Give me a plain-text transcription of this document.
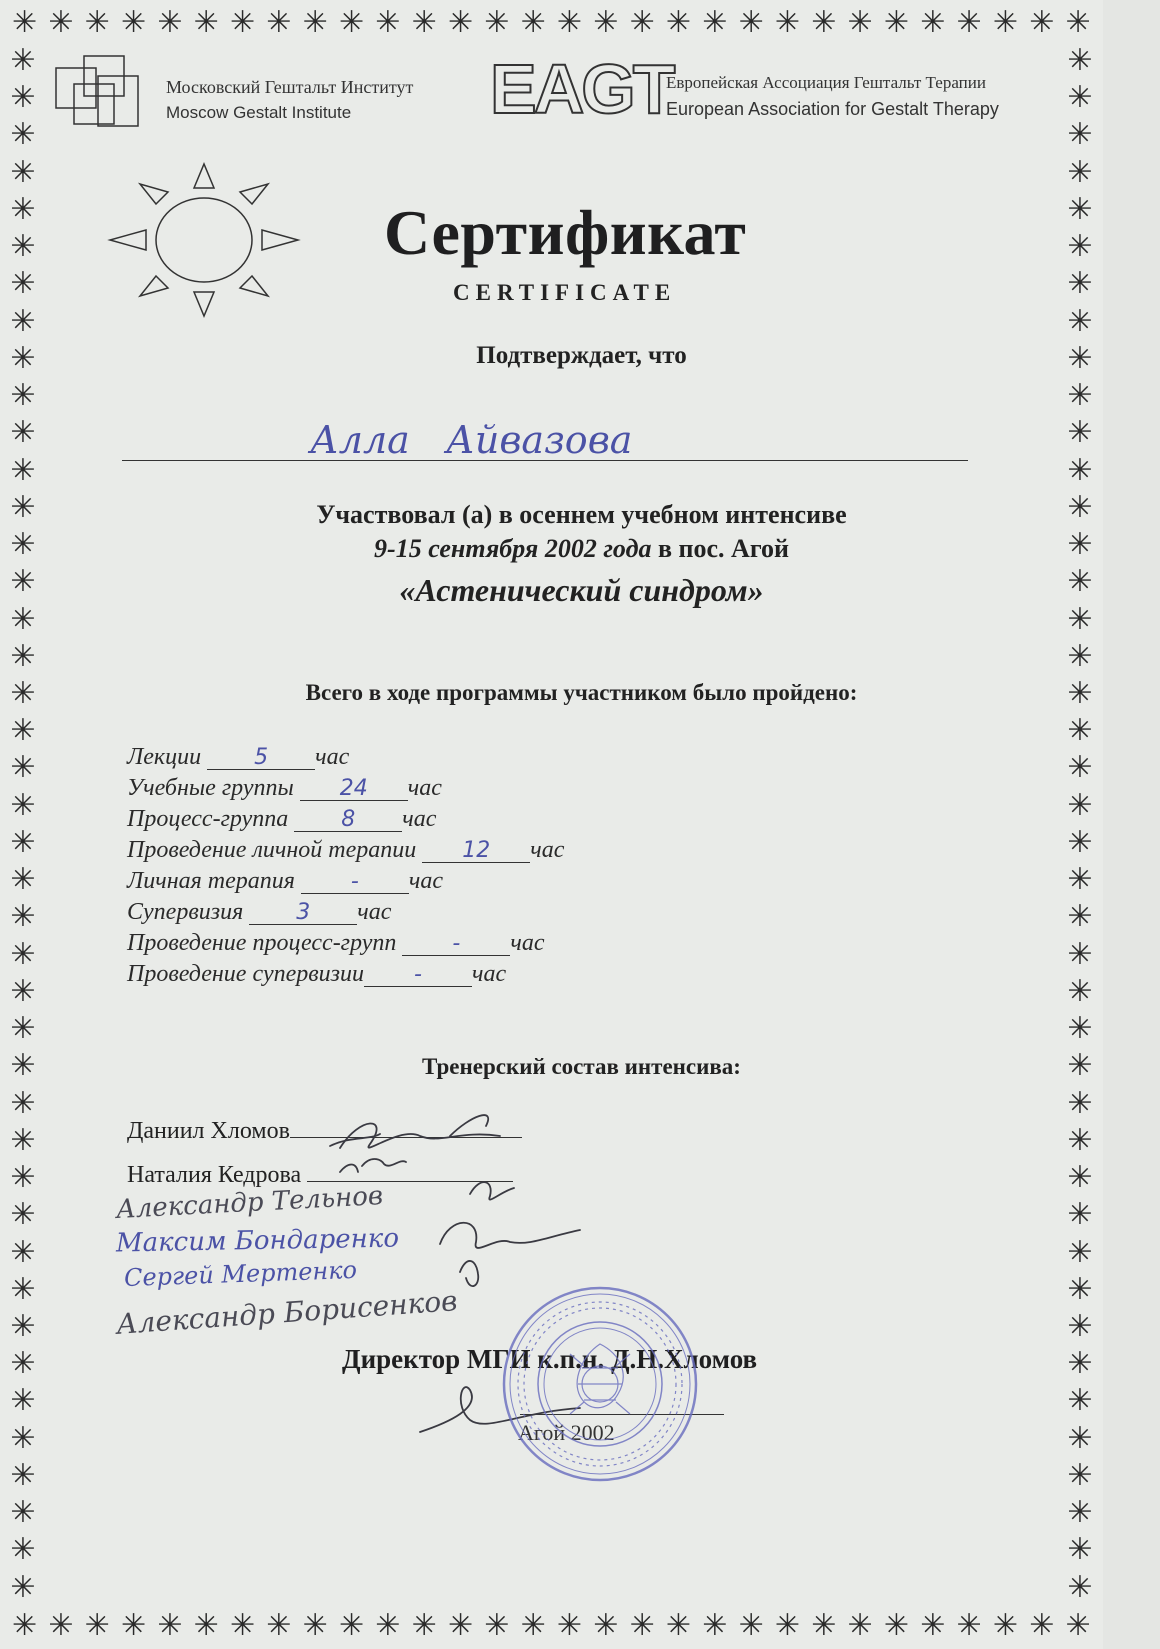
✳ ✳ ✳ ✳ ✳ ✳ ✳ ✳ ✳ ✳ ✳ ✳ ✳ ✳ ✳ ✳ ✳ ✳ ✳ ✳ ✳ ✳ ✳ ✳ ✳ ✳ ✳ ✳ ✳ ✳
✳ ✳ ✳ ✳ ✳ ✳ ✳ ✳ ✳ ✳ ✳ ✳ ✳ ✳ ✳ ✳ ✳ ✳ ✳ ✳ ✳ ✳ ✳ ✳ ✳ ✳ ✳ ✳ ✳ ✳
✳
✳
✳
✳
✳
✳
✳
✳
✳
✳
✳
✳
✳
✳
✳
✳
✳
✳
✳
✳
✳
✳
✳
✳
✳
✳
✳
✳
✳
✳
✳
✳
✳
✳
✳
✳
✳
✳
✳
✳
✳
✳
✳
✳
✳
✳
✳
✳
✳
✳
✳
✳
✳
✳
✳
✳
✳
✳
✳
✳
✳
✳
✳
✳
✳
✳
✳
✳
✳
✳
✳
✳
✳
✳
✳
✳
✳
✳
✳
✳
✳
✳
✳
✳
Московский Гештальт Институт
Moscow Gestalt Institute	EAGT
Европейская Ассоциация Гештальт Терапии
European Association for Gestalt Therapy
Сертификат
CERTIFICATE
Подтверждает, что
Алла   Айвазова
Участвовал (а) в осеннем учебном интенсиве
9-15 сентября 2002 года в пос. Агой
«Астенический синдром»
Всего в ходе программы участником было пройдено:
Лекции 5 час
Учебные группы 24 час
Процесс-группа 8 час
Проведение личной терапии 12 час
Личная терапия	- час
Супервизия 3 час
Проведение процесс-групп	- час
Проведение супервизии - час
Тренерский состав интенсива:
Даниил Хломов
Наталия Кедрова
Александр Тельнов
Максим Бондаренко
Сергей Мертенко
Александр Борисенков
Директор МГИ к.п.н. Д.Н.Хломов
Агой 2002
